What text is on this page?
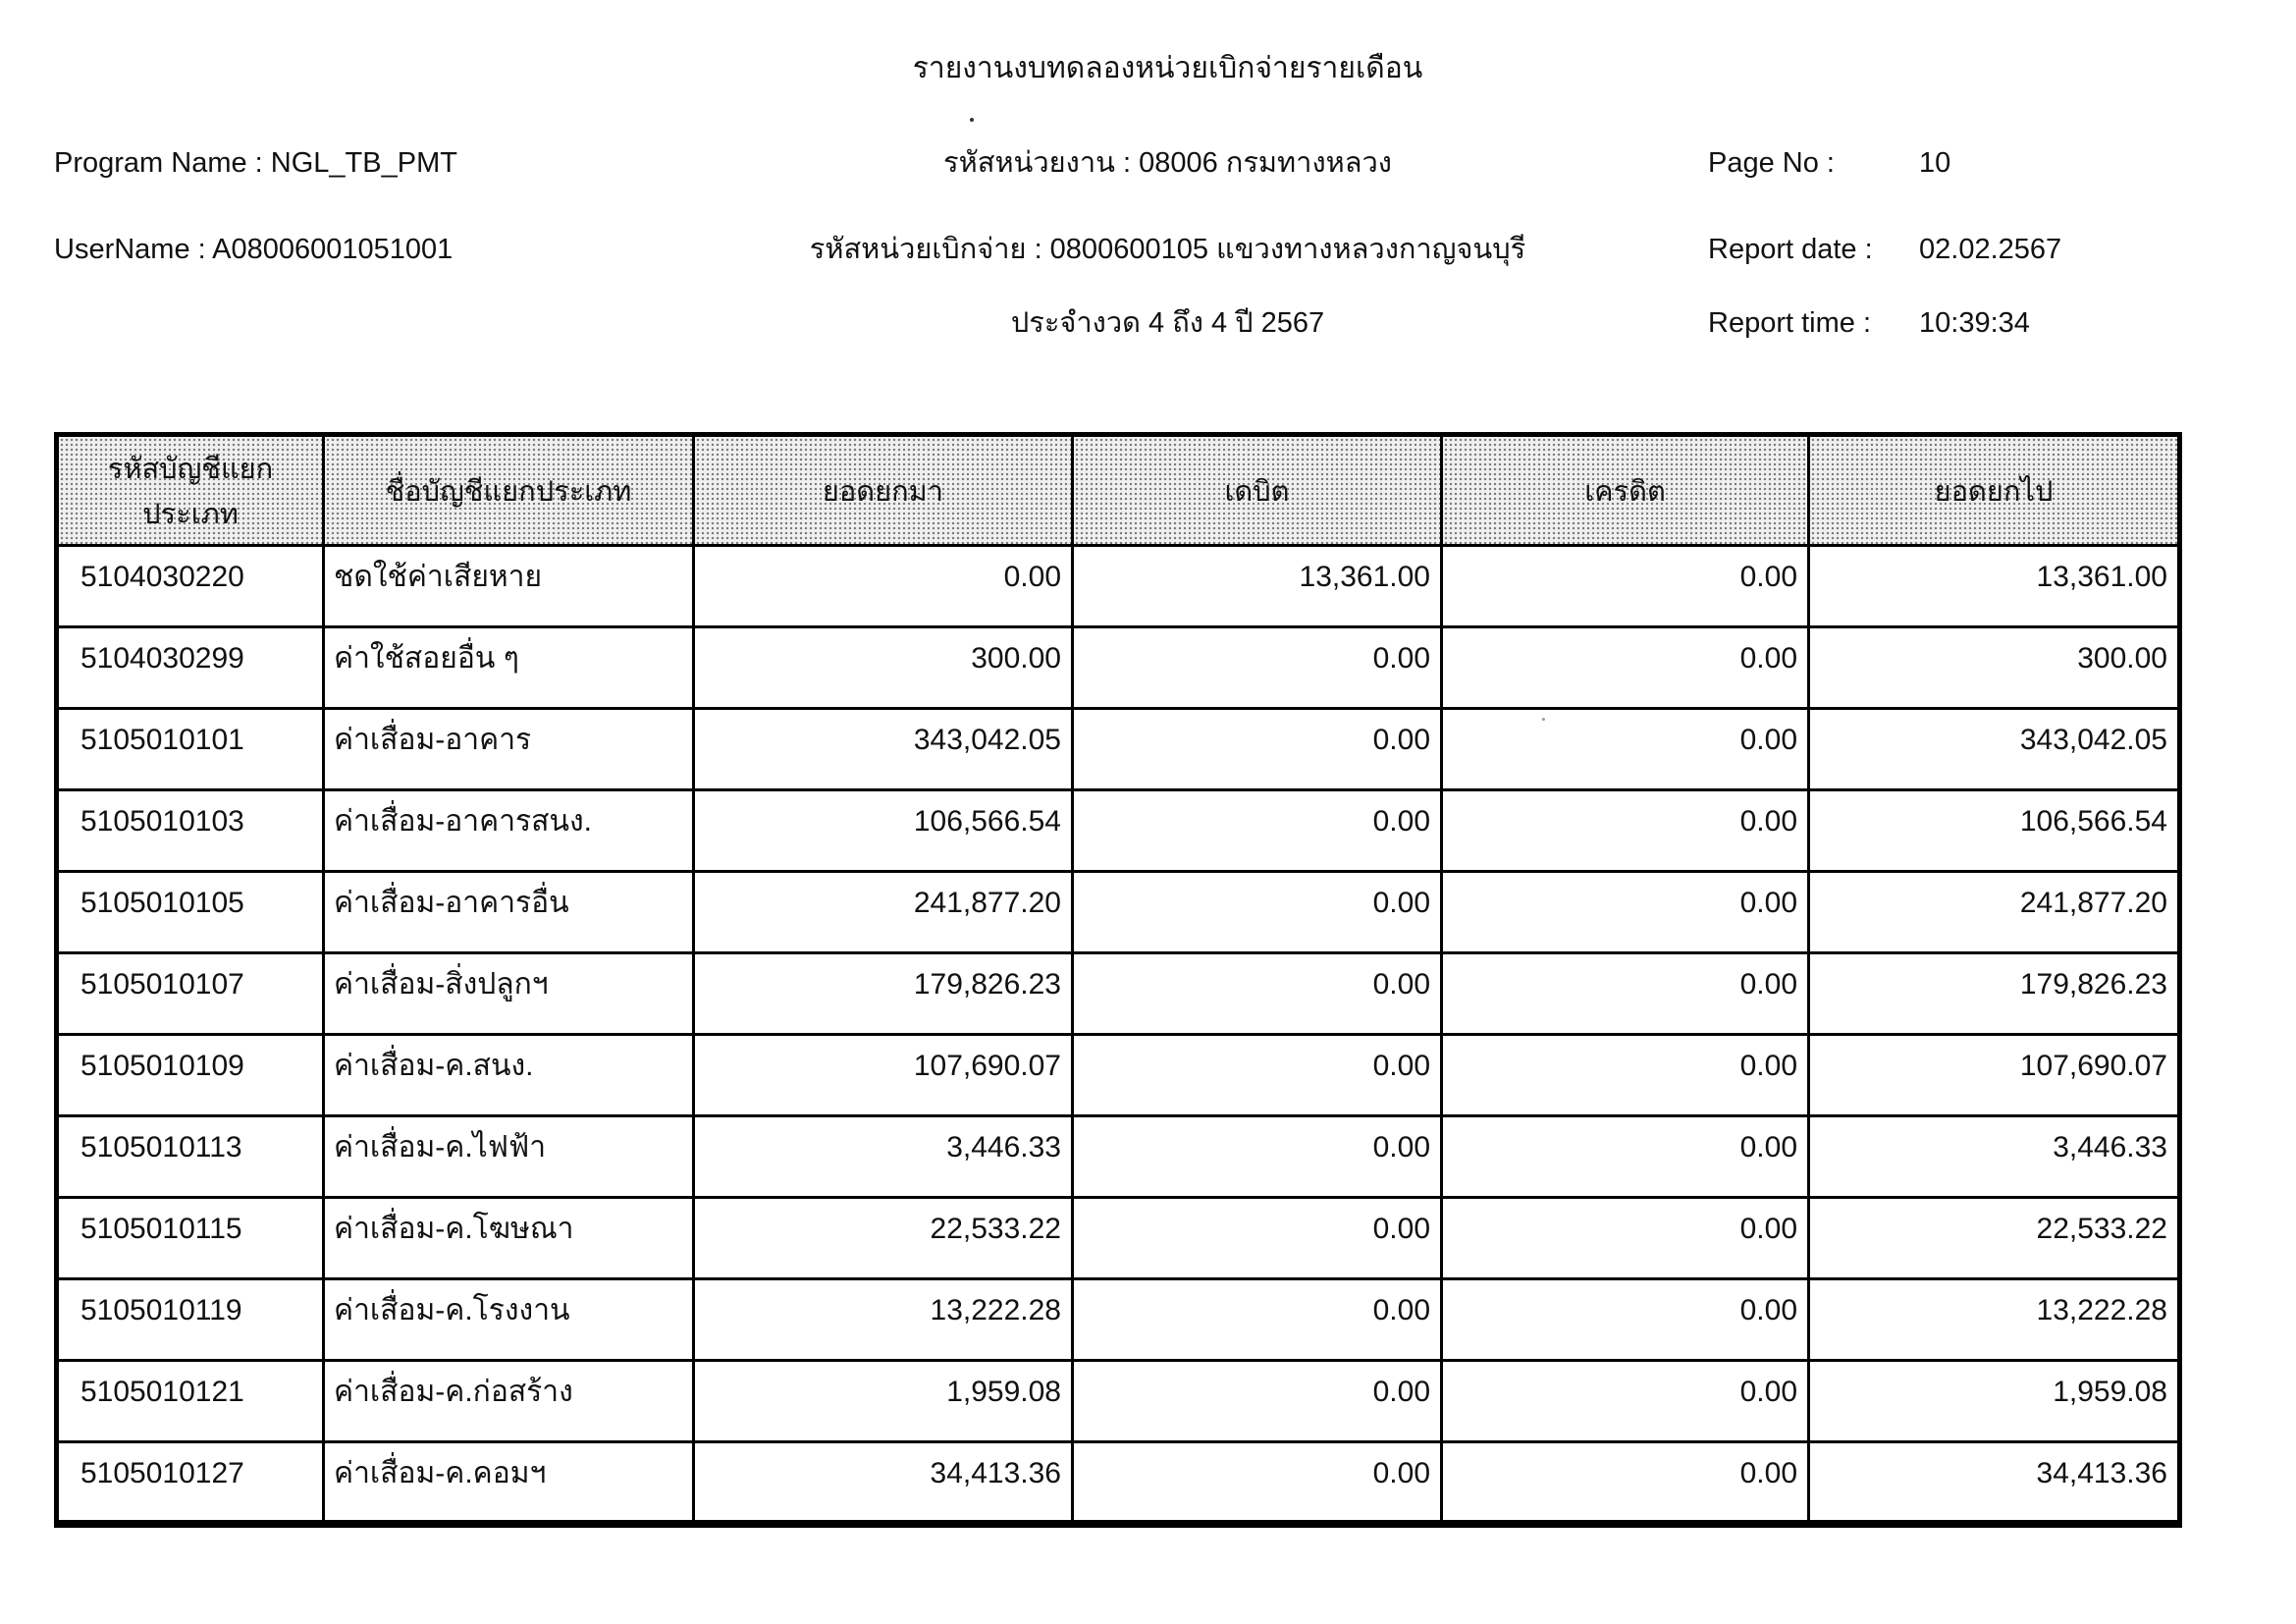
รายงานงบทดลองหน่วยเบิกจ่ายรายเดือน
Program Name : NGL_TB_PMT	รหัสหน่วยงาน : 08006 กรมทางหลวง	Page No :	10
UserName : A08006001051001	รหัสหน่วยเบิกจ่าย : 0800600105 แขวงทางหลวงกาญจนบุรี	Report date : 02.02.2567
ประจำงวด 4 ถึง 4 ปี 2567	Report time : 10:39:34
รหัสบัญชีแยกประเภท	ชื่อบัญชีแยกประเภท	ยอดยกมา	เดบิต	เครดิต	ยอดยกไป
5104030220	ชดใช้ค่าเสียหาย	0.00	13,361.00	0.00	13,361.00
5104030299	ค่าใช้สอยอื่น ๆ	300.00	0.00	0.00	300.00
5105010101	ค่าเสื่อม-อาคาร	343,042.05	0.00	0.00	343,042.05
5105010103	ค่าเสื่อม-อาคารสนง.	106,566.54	0.00	0.00	106,566.54
5105010105	ค่าเสื่อม-อาคารอื่น	241,877.20	0.00	0.00	241,877.20
5105010107	ค่าเสื่อม-สิ่งปลูกฯ	179,826.23	0.00	0.00	179,826.23
5105010109	ค่าเสื่อม-ค.สนง.	107,690.07	0.00	0.00	107,690.07
5105010113	ค่าเสื่อม-ค.ไฟฟ้า	3,446.33	0.00	0.00	3,446.33
5105010115	ค่าเสื่อม-ค.โฆษณา	22,533.22	0.00	0.00	22,533.22
5105010119	ค่าเสื่อม-ค.โรงงาน	13,222.28	0.00	0.00	13,222.28
5105010121	ค่าเสื่อม-ค.ก่อสร้าง	1,959.08	0.00	0.00	1,959.08
5105010127	ค่าเสื่อม-ค.คอมฯ	34,413.36	0.00	0.00	34,413.36
